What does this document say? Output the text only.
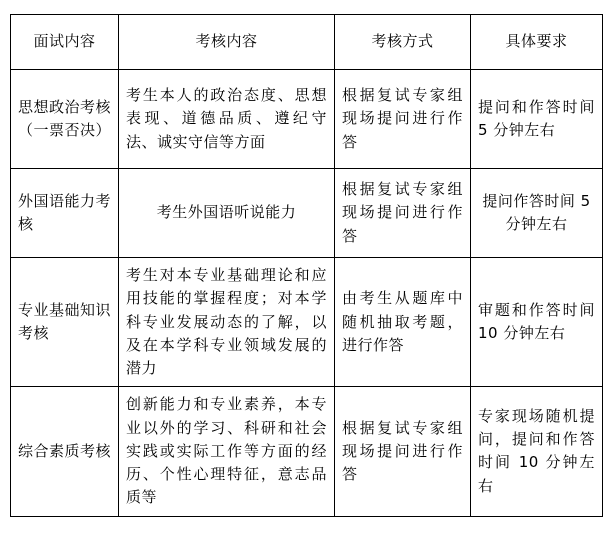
面试内容	考核内容	考核方式	具体要求
思想政治考核（一票否决）	考生本人的政治态度、思想表现、道德品质、遵纪守法、诚实守信等方面	根据复试专家组现场提问进行作答	提问和作答时间 5 分钟左右
外国语能力考核	考生外国语听说能力	根据复试专家组现场提问进行作答	提问作答时间 5 分钟左右
专业基础知识考核	考生对本专业基础理论和应用技能的掌握程度；对本学科专业发展动态的了解，以及在本学科专业领域发展的潜力	由考生从题库中随机抽取考题，进行作答	审题和作答时间 10 分钟左右
综合素质考核	创新能力和专业素养，本专业以外的学习、科研和社会实践或实际工作等方面的经历、个性心理特征，意志品质等	根据复试专家组现场提问进行作答	专家现场随机提问，提问和作答时间 10 分钟左右
